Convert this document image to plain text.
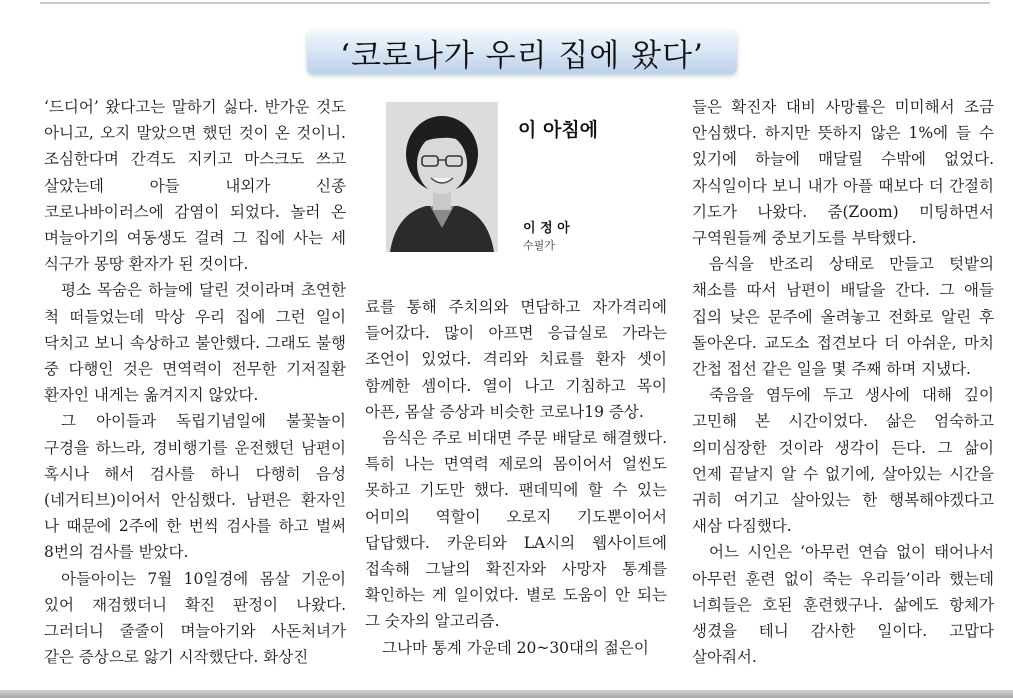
‘코로나가 우리 집에 왔다’
이 아침에
이 정 아
수필가

‘드디어’ 왔다고는 말하기 싫다. 반가운 것도 아니고, 오지 말았으면 했던 것이 온 것이니. 조심한다며 간격도 지키고 마스크도 쓰고 살았는데 아들 내외가 신종 코로나바이러스에 감염이 되었다. 놀러 온 며늘아기의 여동생도 걸려 그 집에 사는 세 식구가 몽땅 환자가 된 것이다.

평소 목숨은 하늘에 달린 것이라며 초연한 척 떠들었는데 막상 우리 집에 그런 일이 닥치고 보니 속상하고 불안했다. 그래도 불행 중 다행인 것은 면역력이 전무한 기저질환 환자인 내게는 옮겨지지 않았다.

그 아이들과 독립기념일에 불꽃놀이 구경을 하느라, 경비행기를 운전했던 남편이 혹시나 해서 검사를 하니 다행히 음성(네거티브)이어서 안심했다. 남편은 환자인 나 때문에 2주에 한 번씩 검사를 하고 벌써 8번의 검사를 받았다.

아들아이는 7월 10일경에 몸살 기운이 있어 재검했더니 확진 판정이 나왔다. 그러더니 줄줄이 며늘아기와 사돈처녀가 같은 증상으로 앓기 시작했단다. 화상진

료를 통해 주치의와 면담하고 자가격리에 들어갔다. 많이 아프면 응급실로 가라는 조언이 있었다. 격리와 치료를 환자 셋이 함께한 셈이다. 열이 나고 기침하고 목이 아픈, 몸살 증상과 비슷한 코로나19 증상.

음식은 주로 비대면 주문 배달로 해결했다. 특히 나는 면역력 제로의 몸이어서 얼씬도 못하고 기도만 했다. 팬데믹에 할 수 있는 어미의 역할이 오로지 기도뿐이어서 답답했다. 카운티와 LA시의 웹사이트에 접속해 그날의 확진자와 사망자 통계를 확인하는 게 일이었다. 별로 도움이 안 되는 그 숫자의 알고리즘.

그나마 통계 가운데 20~30대의 젊은이

들은 확진자 대비 사망률은 미미해서 조금 안심했다. 하지만 뜻하지 않은 1%에 들 수 있기에 하늘에 매달릴 수밖에 없었다. 자식일이다 보니 내가 아플 때보다 더 간절히 기도가 나왔다. 줌(Zoom) 미팅하면서 구역원들께 중보기도를 부탁했다.

음식을 반조리 상태로 만들고 텃밭의 채소를 따서 남편이 배달을 간다. 그 애들 집의 낮은 문주에 올려놓고 전화로 알린 후 돌아온다. 교도소 접견보다 더 아쉬운, 마치 간첩 접선 같은 일을 몇 주째 하며 지냈다.

죽음을 염두에 두고 생사에 대해 깊이 고민해 본 시간이었다. 삶은 엄숙하고 의미심장한 것이라 생각이 든다. 그 삶이 언제 끝날지 알 수 없기에, 살아있는 시간을 귀히 여기고 살아있는 한 행복해야겠다고 새삼 다짐했다.

어느 시인은 ‘아무런 연습 없이 태어나서 아무런 훈련 없이 죽는 우리들’이라 했는데 너희들은 호된 훈련했구나. 삶에도 항체가 생겼을 테니 감사한 일이다. 고맙다 살아줘서.
